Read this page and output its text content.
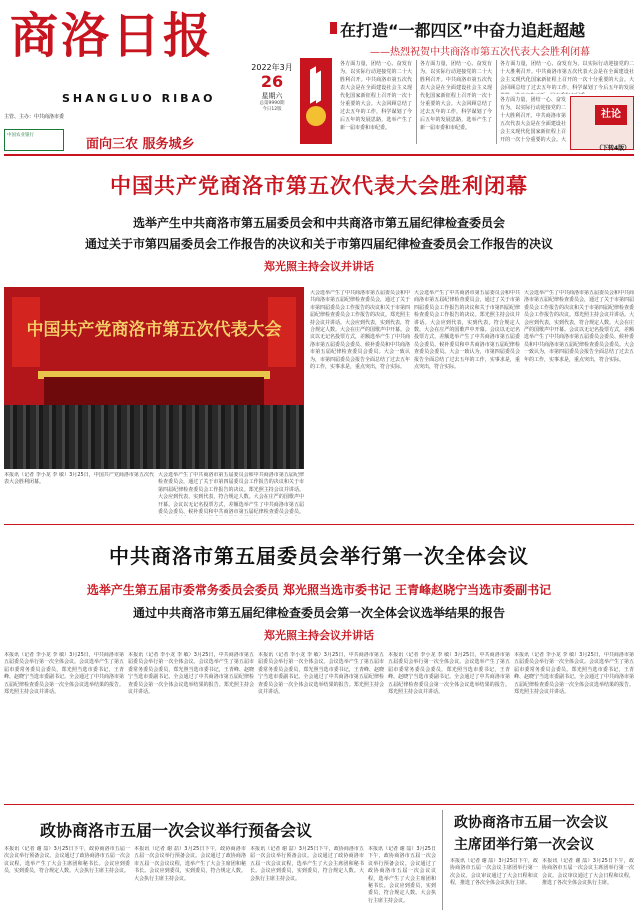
商洛日报
SHANGLUO RIBAO
主管、主办：中共商洛市委
中国农业银行
面向三农 服务城乡
2022年3月
26
星期六
总第9990期
今日12版
在打造“一都四区”中奋力追赶超越
——热烈祝贺中共商洛市第五次代表大会胜利闭幕
各方面力量，团结一心、奋发有为，以实际行动迎接党的二十大胜利召开。中共商洛市第五次代表大会是在全面建设社会主义现代化国家新征程上召开的一次十分重要的大会。大会回顾总结了过去五年的工作，科学谋划了今后五年的发展思路，选举产生了新一届市委和市纪委。
各方面力量，团结一心、奋发有为，以实际行动迎接党的二十大胜利召开。中共商洛市第五次代表大会是在全面建设社会主义现代化国家新征程上召开的一次十分重要的大会。大会回顾总结了过去五年的工作，科学谋划了今后五年的发展思路，选举产生了新一届市委和市纪委。
各方面力量，团结一心、奋发有为，以实际行动迎接党的二十大胜利召开。中共商洛市第五次代表大会是在全面建设社会主义现代化国家新征程上召开的一次十分重要的大会。大会回顾总结了过去五年的工作，科学谋划了今后五年的发展
各方面力量，团结一心、奋发有为，以实际行动迎接党的二十大胜利召开。中共商洛市第五次代表大会是在全面建设社会主义现代化国家新征程上召开的一次十分重要的大会。大
社论
（下转4版）
中国共产党商洛市第五次代表大会胜利闭幕
选举产生中共商洛市第五届委员会和中共商洛市第五届纪律检查委员会
通过关于市第四届委员会工作报告的决议和关于市第四届纪律检查委员会工作报告的决议
郑光照主持会议并讲话
中国共产党商洛市第五次代表大会
本报讯（记者 李小龙 李 敏）3月25日，中国共产党商洛市第五次代表大会胜利闭幕。
大会选举产生了中共商洛市第五届委员会和中共商洛市第五届纪律检查委员会，通过了关于市第四届委员会工作报告的决议和关于市第四届纪律检查委员会工作报告的决议。郑光照主持会议并讲话。大会应到代表，实到代表，符合规定人数。大会在庄严的国歌声中开幕。会议以无记名投票方式，差额选举产生了中共商洛市第五届委员会委员、候补委员和中共商洛市第五届纪律检查委员会委员。
大会选举产生了中共商洛市第五届委员会和中共商洛市第五届纪律检查委员会，通过了关于市第四届委员会工作报告的决议和关于市第四届纪律检查委员会工作报告的决议。郑光照主持会议并讲话。大会应到代表，实到代表，符合规定人数。大会在庄严的国歌声中开幕。会议以无记名投票方式，差额选举产生了中共商洛市第五届委员会委员、候补委员和中共商洛市第五届纪律检查委员会委员。大会一致认为，市第四届委员会报告全面总结了过去五年的工作，实事求是，重点突出，符合实际。
大会选举产生了中共商洛市第五届委员会和中共商洛市第五届纪律检查委员会，通过了关于市第四届委员会工作报告的决议和关于市第四届纪律检查委员会工作报告的决议。郑光照主持会议并讲话。大会应到代表，实到代表，符合规定人数。大会在庄严的国歌声中开幕。会议以无记名投票方式，差额选举产生了中共商洛市第五届委员会委员、候补委员和中共商洛市第五届纪律检查委员会委员。大会一致认为，市第四届委员会报告全面总结了过去五年的工作，实事求是，重点突出，符合实际。
大会选举产生了中共商洛市第五届委员会和中共商洛市第五届纪律检查委员会，通过了关于市第四届委员会工作报告的决议和关于市第四届纪律检查委员会工作报告的决议。郑光照主持会议并讲话。大会应到代表，实到代表，符合规定人数。大会在庄严的国歌声中开幕。会议以无记名投票方式，差额选举产生了中共商洛市第五届委员会委员、候补委员和中共商洛市第五届纪律检查委员会委员。大会一致认为，市第四届委员会报告全面总结了过去五年的工作，实事求是，重点突出，符合实际。
中共商洛市第五届委员会举行第一次全体会议
选举产生第五届市委常务委员会委员 郑光照当选市委书记 王青峰赵晓宁当选市委副书记
通过中共商洛市第五届纪律检查委员会第一次全体会议选举结果的报告
郑光照主持会议并讲话
本报讯（记者 李小龙 李 敏）3月25日，中共商洛市第五届委员会举行第一次全体会议。会议选举产生了第五届市委常务委员会委员，郑光照当选市委书记，王青峰、赵晓宁当选市委副书记。全会通过了中共商洛市第五届纪律检查委员会第一次全体会议选举结果的报告。郑光照主持会议并讲话。
本报讯（记者 李小龙 李 敏）3月25日，中共商洛市第五届委员会举行第一次全体会议。会议选举产生了第五届市委常务委员会委员，郑光照当选市委书记，王青峰、赵晓宁当选市委副书记。全会通过了中共商洛市第五届纪律检查委员会第一次全体会议选举结果的报告。郑光照主持会议并讲话。
本报讯（记者 李小龙 李 敏）3月25日，中共商洛市第五届委员会举行第一次全体会议。会议选举产生了第五届市委常务委员会委员，郑光照当选市委书记，王青峰、赵晓宁当选市委副书记。全会通过了中共商洛市第五届纪律检查委员会第一次全体会议选举结果的报告。郑光照主持会议并讲话。
本报讯（记者 李小龙 李 敏）3月25日，中共商洛市第五届委员会举行第一次全体会议。会议选举产生了第五届市委常务委员会委员，郑光照当选市委书记，王青峰、赵晓宁当选市委副书记。全会通过了中共商洛市第五届纪律检查委员会第一次全体会议选举结果的报告。郑光照主持会议并讲话。
本报讯（记者 李小龙 李 敏）3月25日，中共商洛市第五届委员会举行第一次全体会议。会议选举产生了第五届市委常务委员会委员，郑光照当选市委书记，王青峰、赵晓宁当选市委副书记。全会通过了中共商洛市第五届纪律检查委员会第一次全体会议选举结果的报告。郑光照主持会议并讲话。
政协商洛市五届一次会议举行预备会议
本报讯（记者 谢 喆）3月25日下午，政协商洛市五届一次会议举行预备会议。会议通过了政协商洛市五届一次会议议程，选举产生了大会主席团和秘书长。会议应到委员，实到委员，符合规定人数。大会执行主席主持会议。
本报讯（记者 谢 喆）3月25日下午，政协商洛市五届一次会议举行预备会议。会议通过了政协商洛市五届一次会议议程，选举产生了大会主席团和秘书长。会议应到委员，实到委员，符合规定人数。大会执行主席主持会议。
本报讯（记者 谢 喆）3月25日下午，政协商洛市五届一次会议举行预备会议。会议通过了政协商洛市五届一次会议议程，选举产生了大会主席团和秘书长。会议应到委员，实到委员，符合规定人数。大会执行主席主持会议。
本报讯（记者 谢 喆）3月25日下午，政协商洛市五届一次会议举行预备会议。会议通过了政协商洛市五届一次会议议程，选举产生了大会主席团和秘书长。会议应到委员，实到委员，符合规定人数。大会执行主席主持会议。
政协商洛市五届一次会议
主席团举行第一次会议
本报讯（记者 谢 喆）3月25日下午，政协商洛市五届一次会议主席团举行第一次会议。会议审议通过了大会日程和议程，推选了各次全体会议执行主席。
本报讯（记者 谢 喆）3月25日下午，政协商洛市五届一次会议主席团举行第一次会议。会议审议通过了大会日程和议程，推选了各次全体会议执行主席。
